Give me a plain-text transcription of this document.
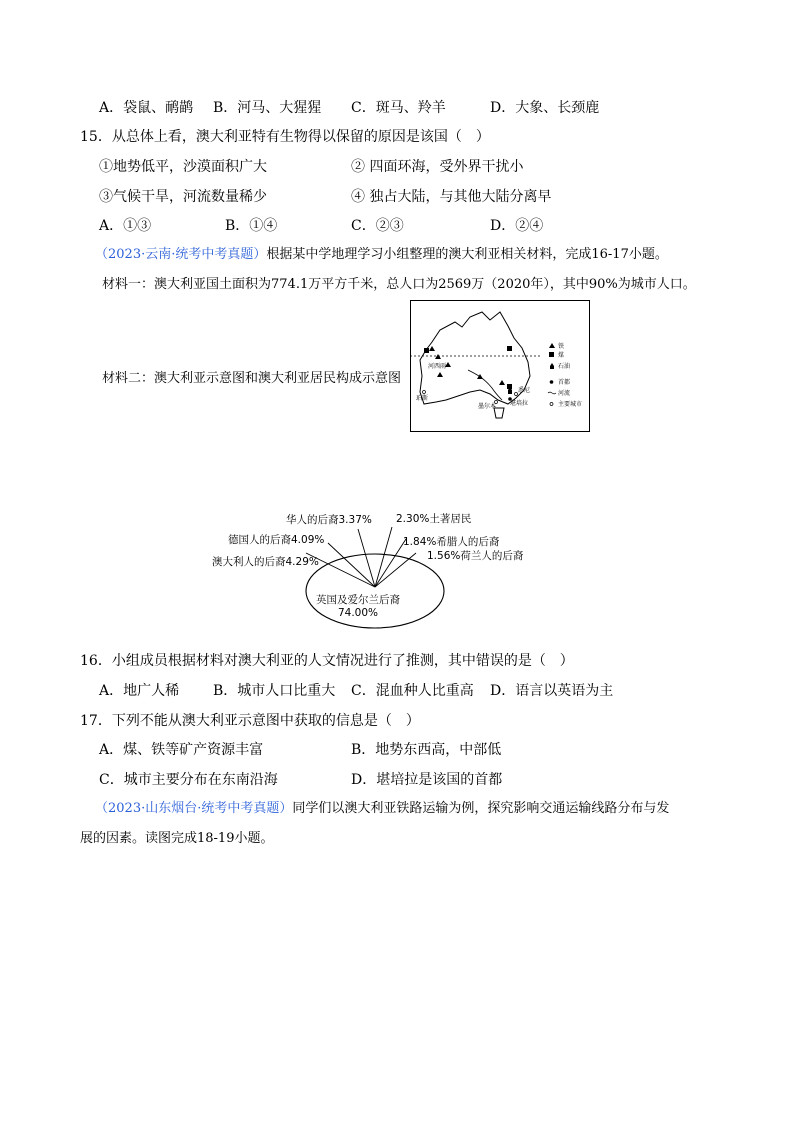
A．袋鼠、鸸鹋 B．河马、大猩猩 C．斑马、羚羊	D．大象、长颈鹿
15．从总体上看，澳大利亚特有生物得以保留的原因是该国（　）
①地势低平，沙漠面积广大	② 四面环海，受外界干扰小
③气候干旱，河流数量稀少	④ 独占大陆，与其他大陆分离早
A．①③	B．①④	C．②③	D．②④
（2023·云南·统考中考真题）根据某中学地理学习小组整理的澳大利亚相关材料，完成16-17小题。
材料一：澳大利亚国土面积为774.1万平方千米，总人口为2569万（2020年），其中90%为城市人口。
材料二：澳大利亚示意图和澳大利亚居民构成示意图
河西雨
珀斯
悉尼
墨尔本 堪培拉
铁
煤
石油
首都
河流
主要城市
英国及爱尔兰后裔
74.00%
澳大利人的后裔4.29%
德国人的后裔4.09%
华人的后裔3.37% 2.30%土著居民
1.84%希腊人的后裔
1.56%荷兰人的后裔
16．小组成员根据材料对澳大利亚的人文情况进行了推测，其中错误的是（　）
A．地广人稀 B．城市人口比重大 C．混血种人比重高 D．语言以英语为主
17．下列不能从澳大利亚示意图中获取的信息是（　）
A．煤、铁等矿产资源丰富	B．地势东西高，中部低
C．城市主要分布在东南沿海	D．堪培拉是该国的首都
（2023·山东烟台·统考中考真题）同学们以澳大利亚铁路运输为例，探究影响交通运输线路分布与发
展的因素。读图完成18-19小题。
